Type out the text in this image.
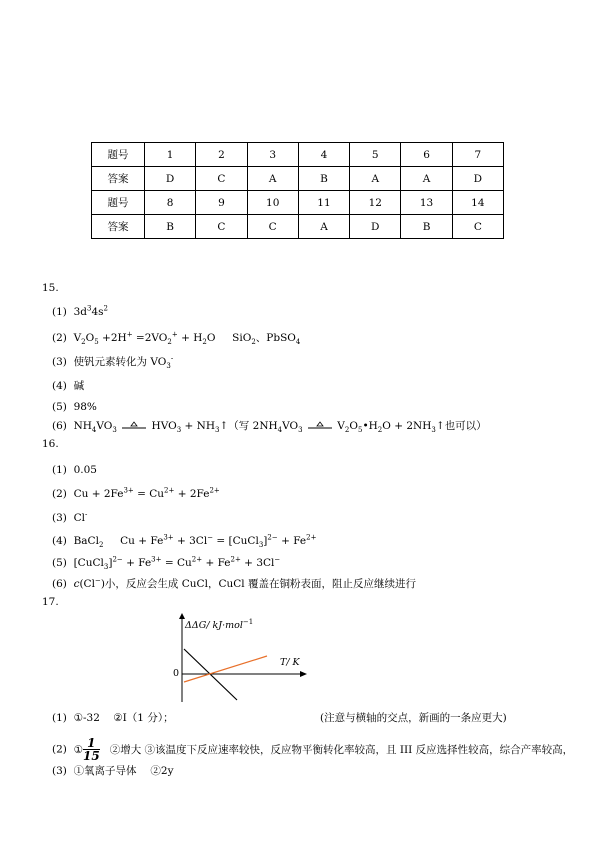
题号	1	2	3	4	5	6	7
答案	D	C	A	B	A	A	D
题号	8	9	10	11	12	13	14
答案	B	C	C	A	D	B	C
15.
(1) $3d^34s^2$
(2) $V_2O_5 +2H^+ =2VO_2^+ + H_2O$ SiO$_2$、PbSO$_4$
(3) 使钒元素转化为 $VO_3^-$
(4) 碱
(5) 98%
(6) $NH_4VO_3$	$HVO_3$ + $NH_3↑$（写 $2NH_4VO_3$	$V_2O_5•H_2O$ + $2NH_3↑$也可以）
16.
(1) 0.05
(2) $Cu + 2Fe^{3+} = Cu^{2+} + 2Fe^{2+}$
(3) Cl-
(4) BaCl$_2$ $Cu + Fe^{3+} + 3Cl^-$ = [CuCl$_3$]$^{2-}$ + $Fe^{2+}$
(5) [CuCl$_3$]$^{2-}$ + $Fe^{3+} = Cu^{2+} + Fe^{2+} + 3Cl^-$
(6) c(Cl−)小，反应会生成 CuCl，CuCl 覆盖在铜粉表面，阻止反应继续进行
17.
ΔΔG/ kJ·mol$^{-1}$
T/ K
0
(1) ①-32 ②I（1 分）；	(注意与横轴的交点，新画的一条应更大)
(2) ① $\frac{1}{15}$ ②增大 ③该温度下反应速率较快，反应物平衡转化率较高，且 III 反应选择性较高，综合产率较高，
(3) ①氧离子导体　 ②2y
